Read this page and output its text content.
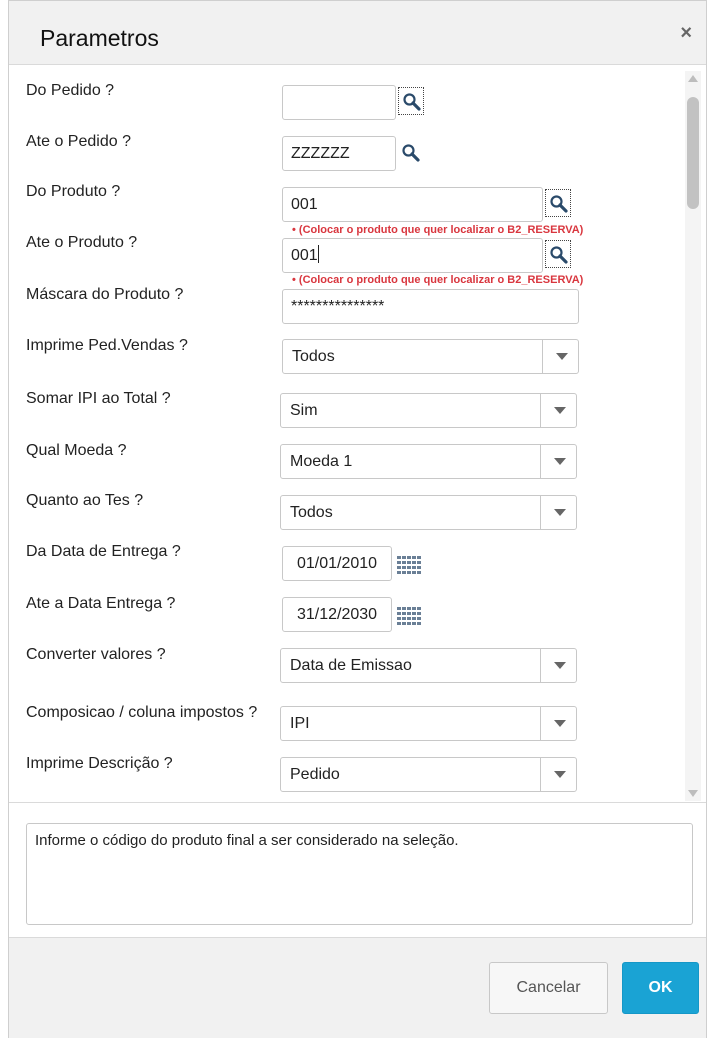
Parametros	×
Do Pedido ?
Ate o Pedido ?
ZZZZZZ
Do Produto ?
001
• (Colocar o produto que quer localizar o B2_RESERVA)
Ate o Produto ?
001
• (Colocar o produto que quer localizar o B2_RESERVA)
Máscara do Produto ?
***************
Imprime Ped.Vendas ?
Todos
Somar IPI ao Total ?
Sim
Qual Moeda ?
Moeda 1
Quanto ao Tes ?
Todos
Da Data de Entrega ?
01/01/2010
Ate a Data Entrega ?
31/12/2030
Converter valores ?
Data de Emissao
Composicao / coluna impostos ?
IPI
Imprime Descrição ?
Pedido
Informe o código do produto final a ser considerado na seleção.
Cancelar	OK
